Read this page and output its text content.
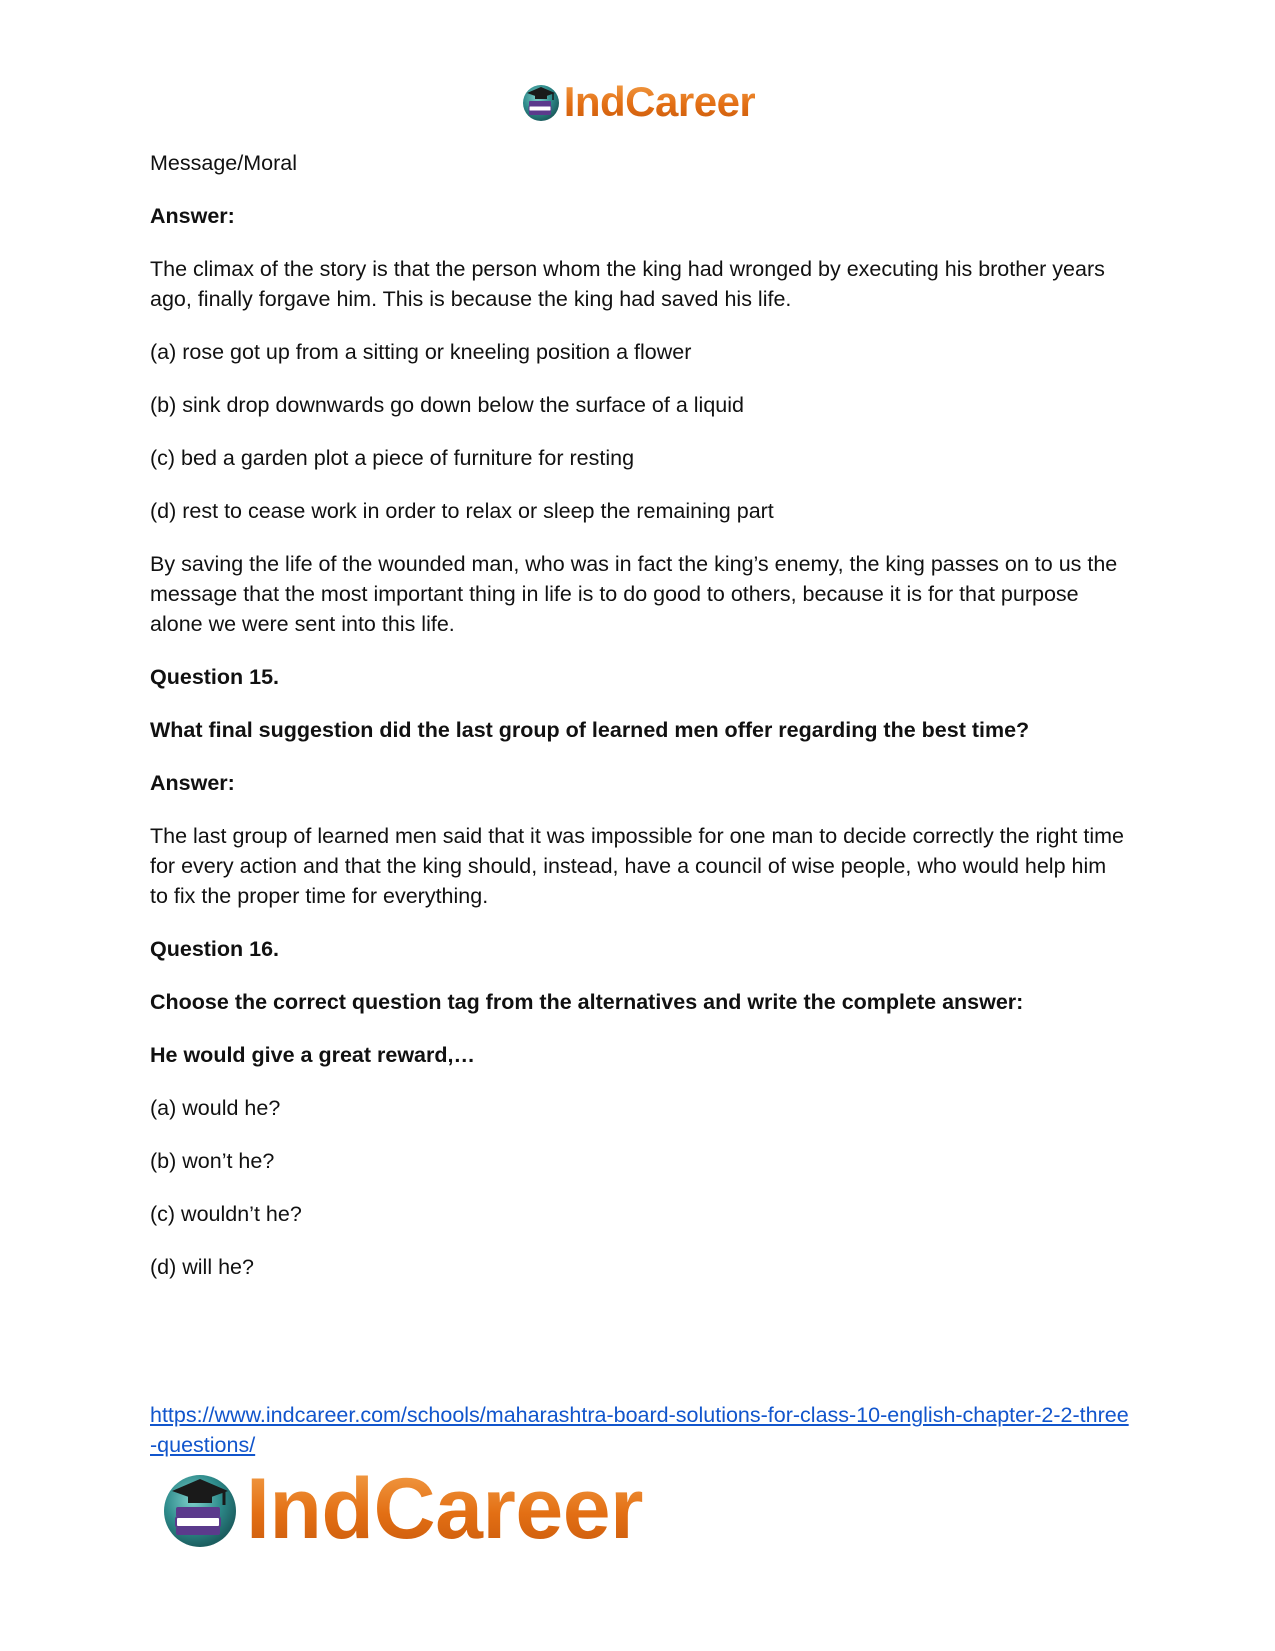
IndCareer

Message/Moral

Answer:

The climax of the story is that the person whom the king had wronged by executing his brother years ago, finally forgave him. This is because the king had saved his life.

(a) rose got up from a sitting or kneeling position a flower

(b) sink drop downwards go down below the surface of a liquid

(c) bed a garden plot a piece of furniture for resting

(d) rest to cease work in order to relax or sleep the remaining part

By saving the life of the wounded man, who was in fact the king’s enemy, the king passes on to us the message that the most important thing in life is to do good to others, because it is for that purpose alone we were sent into this life.

Question 15.

What final suggestion did the last group of learned men offer regarding the best time?

Answer:

The last group of learned men said that it was impossible for one man to decide correctly the right time for every action and that the king should, instead, have a council of wise people, who would help him to fix the proper time for everything.

Question 16.

Choose the correct question tag from the alternatives and write the complete answer:

He would give a great reward,…

(a) would he?

(b) won’t he?

(c) wouldn’t he?

(d) will he?

https://www.indcareer.com/schools/maharashtra-board-solutions-for-class-10-english-chapter-2-2-three-questions/
IndCareer
